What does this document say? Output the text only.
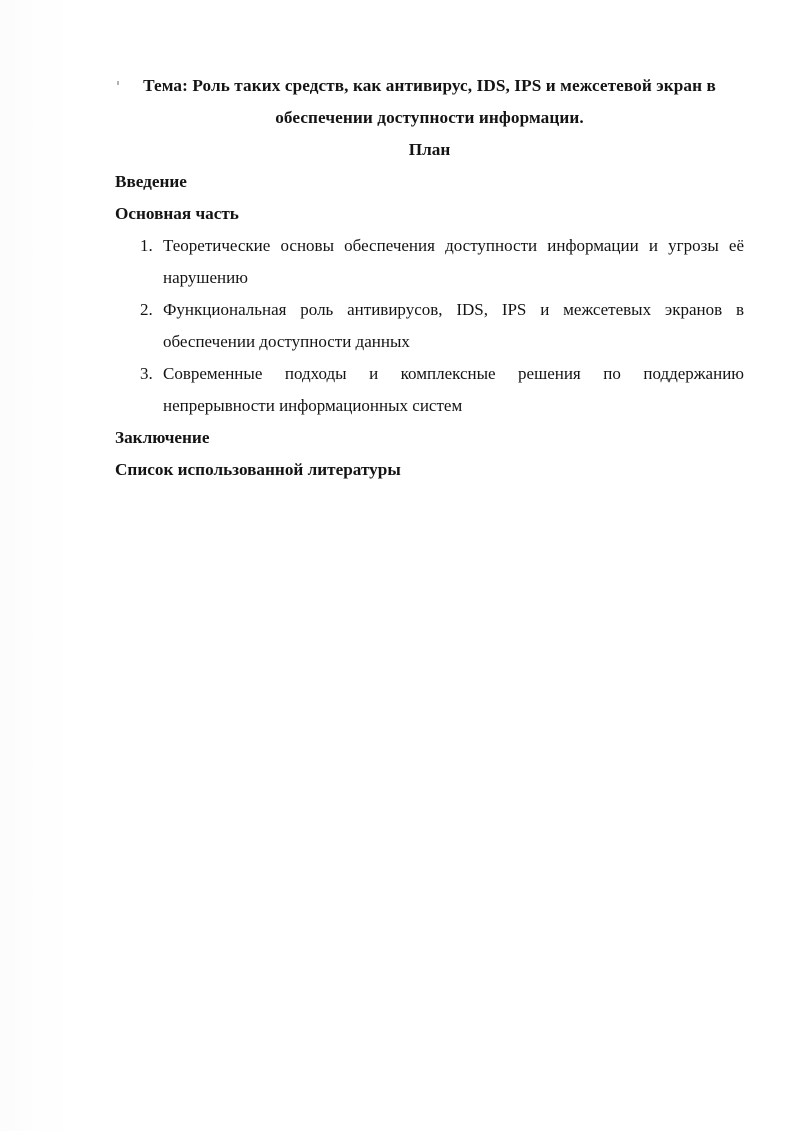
Тема: Роль таких средств, как антивирус, IDS, IPS и межсетевой экран в
обеспечении доступности информации.
План
Введение
Основная часть
Теоретические основы обеспечения доступности информации и угрозы её нарушению
Функциональная роль антивирусов, IDS, IPS и межсетевых экранов в обеспечении доступности данных
Современные подходы и комплексные решения по поддержанию непрерывности информационных систем
Заключение
Список использованной литературы
